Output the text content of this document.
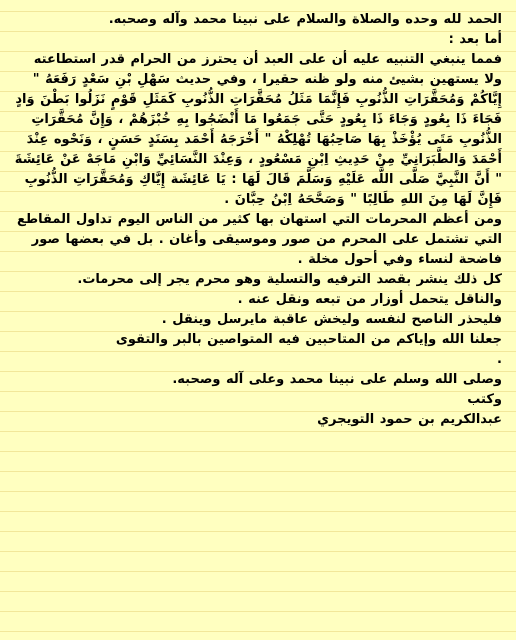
الحمد لله وحده والصلاة والسلام على نبينا محمد وآله وصحبه.

أما بعد :

فمما ينبغي التنبيه عليه أن على العبد أن يحترز من الحرام قدر استطاعته ولا يستهين بشيئ منه ولو ظنه حقيرا ، وفي حديث سَهْلِ بْنِ سَعْدٍ رَفَعَهُ " إِيَّاكُمْ وَمُحَقَّرَاتِ الذُّنُوبِ فَإِنَّمَا مَثَلُ مُحَقَّرَاتِ الذُّنُوبِ كَمَثَلِ قَوْمٍ نَزَلُوا بَطْنَ وَادٍ فَجَاءَ ذَا بِعُودٍ وَجَاءَ ذَا بِعُودٍ حَتَّى جَمَعُوا مَا أَنْضَجُوا بِهِ خُبْزَهُمْ ، وَإِنَّ مُحَقَّرَاتِ الذُّنُوبِ مَتَى يُؤْخَذْ بِهَا صَاحِبُهَا تُهْلِكْهُ " أَخْرَجَهُ أَحْمَد بِسَنَدٍ حَسَنٍ ، وَنَحْوه عِنْدَ أَحْمَدَ وَالطَّبَرَانِيِّ مِنْ حَدِيثِ اِبْنِ مَسْعُودٍ ، وَعِنْدَ النَّسَائِيِّ وَابْنِ مَاجَهْ عَنْ عَائِشَةَ " أَنَّ النَّبِيَّ صَلَّى اللَّه عَلَيْهِ وَسَلَّمَ قَالَ لَهَا : يَا عَائِشَة إِيَّاكِ وَمُحَقَّرَاتِ الذُّنُوبِ فَإِنَّ لَهَا مِنَ اللهِ طَالِبًا " وَصَحَّحَهُ اِبْنُ حِبَّانَ .

ومن أعظم المحرمات التي استهان بها كثير من الناس اليوم تداول المقاطع التي تشتمل على المحرم من صور وموسيقى وأغان . بل في بعضها صور فاضحة لنساء وفي أحول مخلة .

كل ذلك ينشر بقصد الترفيه والتسلية وهو محرم يجر إلى محرمات.

والناقل يتحمل أوزار من تبعه ونقل عنه .

فليحذر الناصح لنفسه وليخش عاقبة مايرسل وينقل .

جعلنا الله وإياكم من المتاحبين فيه المتواصين بالبر والتقوى

.

وصلى الله وسلم على نبينا محمد وعلى آله وصحبه.

وكتب

عبدالكريم بن حمود التويجري
